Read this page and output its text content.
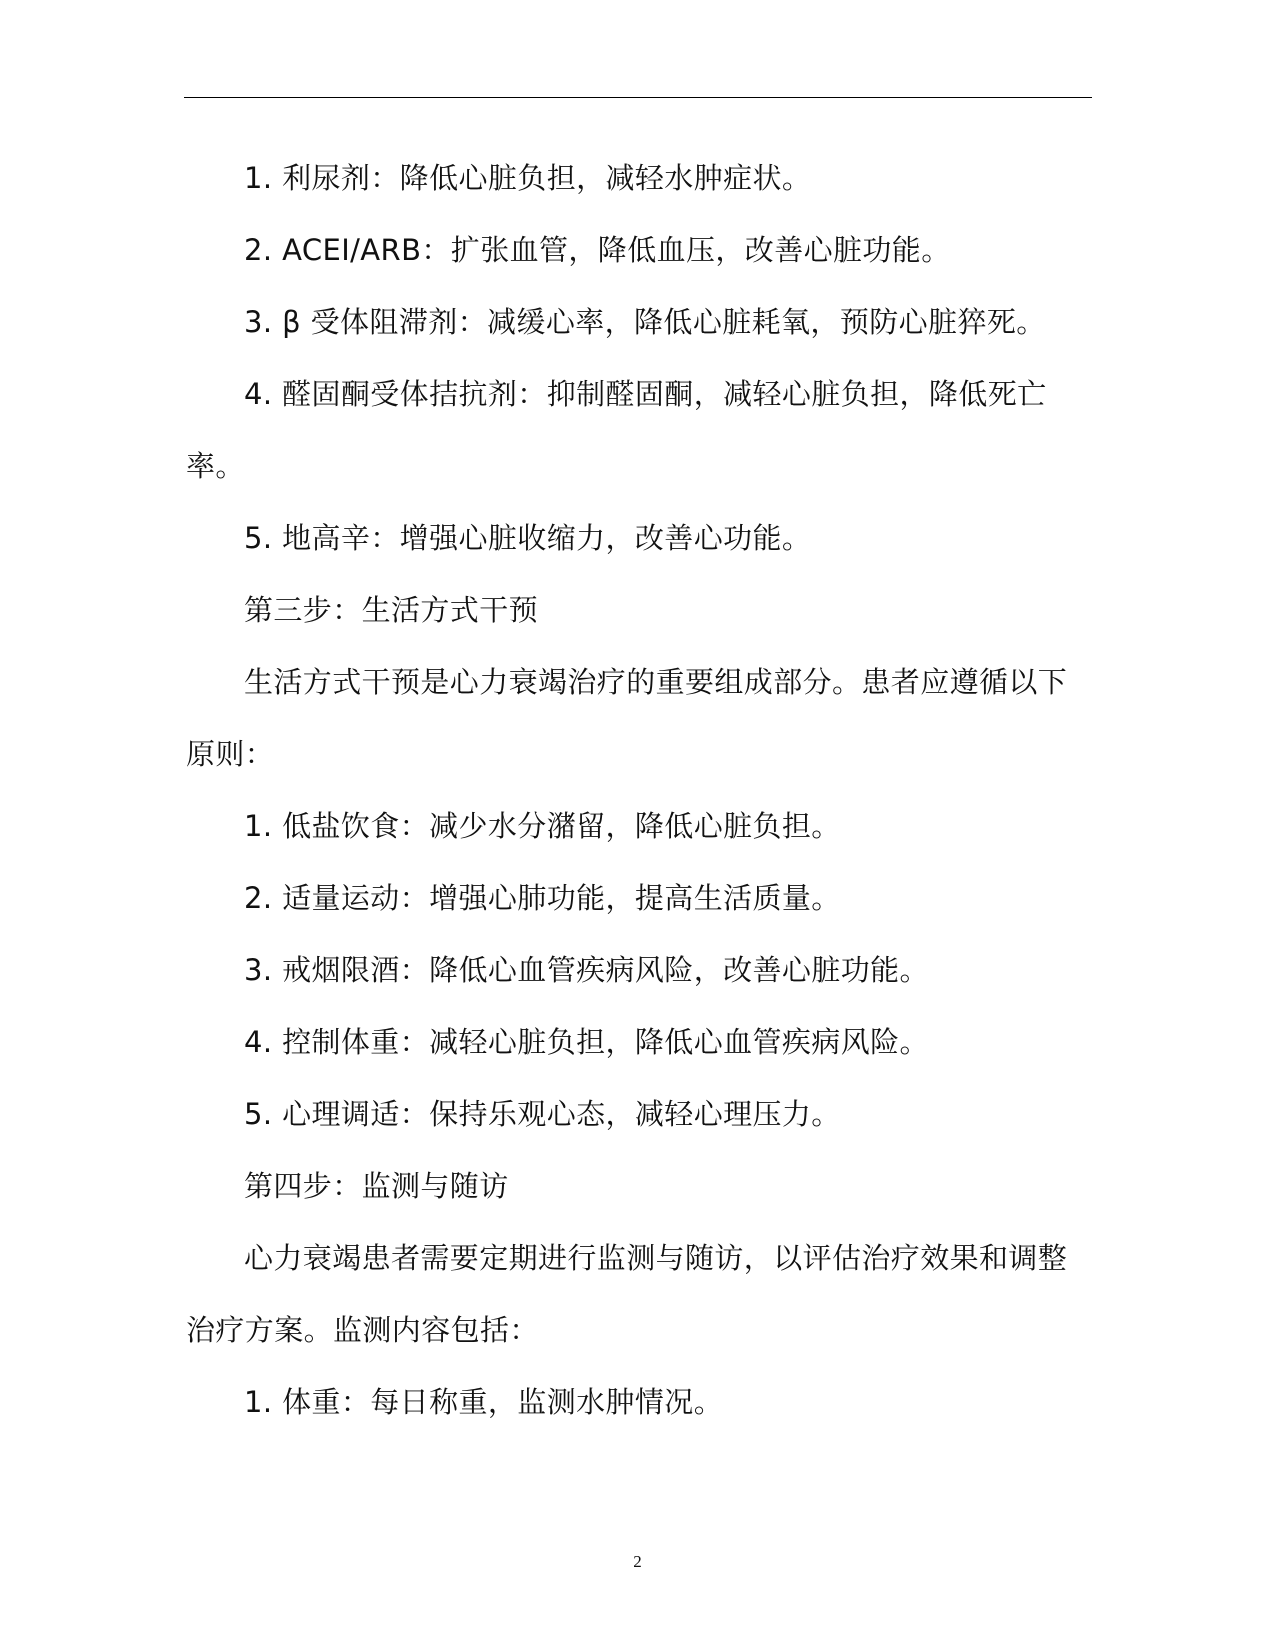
1. 利尿剂：降低心脏负担，减轻水肿症状。
2. ACEI/ARB：扩张血管，降低血压，改善心脏功能。
3. β 受体阻滞剂：减缓心率，降低心脏耗氧，预防心脏猝死。
4. 醛固酮受体拮抗剂：抑制醛固酮，减轻心脏负担，降低死亡
率。
5. 地高辛：增强心脏收缩力，改善心功能。
第三步：生活方式干预
生活方式干预是心力衰竭治疗的重要组成部分。患者应遵循以下
原则：
1. 低盐饮食：减少水分潴留，降低心脏负担。
2. 适量运动：增强心肺功能，提高生活质量。
3. 戒烟限酒：降低心血管疾病风险，改善心脏功能。
4. 控制体重：减轻心脏负担，降低心血管疾病风险。
5. 心理调适：保持乐观心态，减轻心理压力。
第四步：监测与随访
心力衰竭患者需要定期进行监测与随访，以评估治疗效果和调整
治疗方案。监测内容包括：
1. 体重：每日称重，监测水肿情况。
2
